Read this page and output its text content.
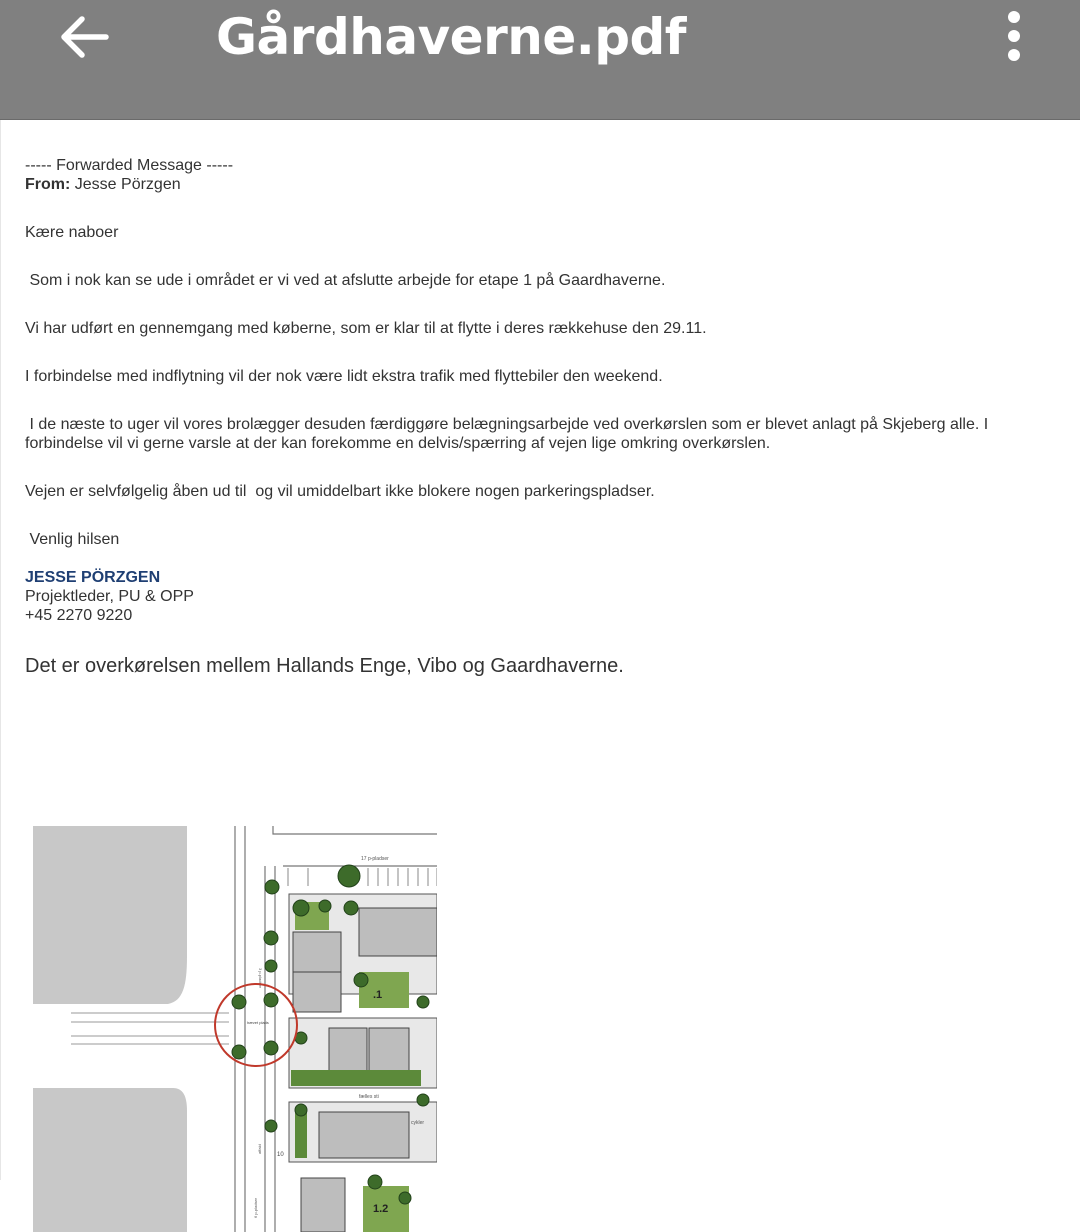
Gårdhaverne.pdf
----- Forwarded Message -----
From: Jesse Pörzgen
Kære naboer
Som i nok kan se ude i området er vi ved at afslutte arbejde for etape 1 på Gaardhaverne.
Vi har udført en gennemgang med køberne, som er klar til at flytte i deres rækkehuse den 29.11.
I forbindelse med indflytning vil der nok være lidt ekstra trafik med flyttebiler den weekend.
I de næste to uger vil vores brolægger desuden færdiggøre belægningsarbejde ved overkørslen som er blevet anlagt på Skjeberg alle. I forbindelse vil vi gerne varsle at der kan forekomme en delvis/spærring af vejen lige omkring overkørslen.
Vejen er selvfølgelig åben ud til  og vil umiddelbart ikke blokere nogen parkeringspladser.
Venlig hilsen
JESSE PÖRZGEN
Projektleder, PU & OPP
+45 2270 9220
Det er overkørelsen mellem Hallands Enge, Vibo og Gaardhaverne.
17 p-pladser
.1
fælles sti
cykler
1.2
10
affald
6 p-pladser
3 p-pladser
hævet plads
